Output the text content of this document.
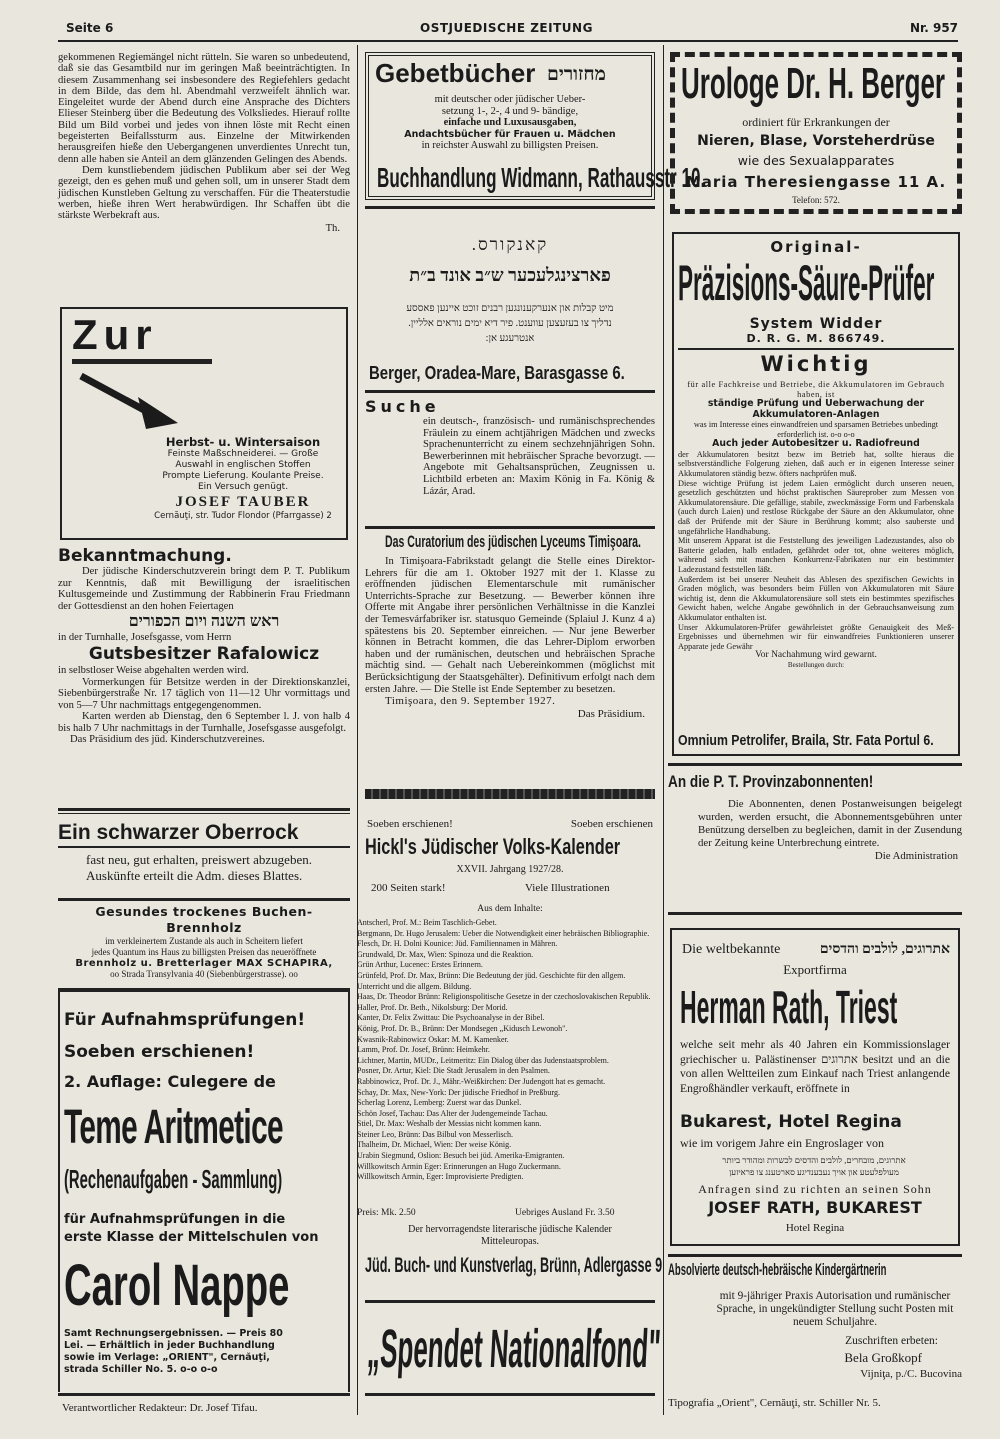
Seite 6	OSTJUEDISCHE ZEITUNG	Nr. 957

gekommenen Regiemängel nicht rütteln. Sie waren so unbedeutend, daß sie das Gesamtbild nur im geringen Maß beeinträchtigten. In diesem Zusammenhang sei insbesondere des Regiefehlers gedacht in dem Bilde, das dem hl. Abendmahl verzweifelt ähnlich war. Eingeleitet wurde der Abend durch eine Ansprache des Dichters Elieser Steinberg über die Bedeutung des Volksliedes. Hierauf rollte Bild um Bild vorbei und jedes von ihnen löste mit Recht einen begeisterten Beifallssturm aus. Einzelne der Mitwirkenden herausgreifen hieße den Uebergangenen unverdientes Unrecht tun, denn alle haben sie Anteil an dem glänzenden Gelingen des Abends.

Dem kunstliebendem jüdischen Publikum aber sei der Weg gezeigt, den es gehen muß und gehen soll, um in unserer Stadt dem jüdischen Kunstleben Geltung zu verschaffen. Für die Theaterstudie werben, hieße ihren Wert herabwürdigen. Ihr Schaffen übt die stärkste Werbekraft aus.

Th.
Zur
Herbst- u. Wintersaison
Feinste Maßschneiderei. — Große
Auswahl in englischen Stoffen
Prompte Lieferung. Koulante Preise.
Ein Versuch genügt.
JOSEF TAUBER
Cernăuţi, str. Tudor Flondor (Pfarrgasse) 2
Bekanntmachung.

Der jüdische Kinderschutzverein bringt dem P. T. Publikum zur Kenntnis, daß mit Bewilligung der israelitischen Kultusgemeinde und Zustimmung der Rabbinerin Frau Friedmann der Gottesdienst an den hohen Feiertagen

ראש השנה ויום הכפורים
in der Turnhalle, Josefsgasse, vom Herrn
Gutsbesitzer Rafalowicz
in selbstloser Weise abgehalten werden wird.

Vormerkungen für Betsitze werden in der Direktionskanzlei, Siebenbürgerstraße Nr. 17 täglich von 11—12 Uhr vormittags und von 5—7 Uhr nachmittags entgegengenommen.

Karten werden ab Dienstag, den 6 September l. J. von halb 4 bis halb 7 Uhr nachmittags in der Turnhalle, Josefsgasse ausgefolgt.

Das Präsidium des jüd. Kinderschutzvereines.
Ein schwarzer Oberrock
fast neu, gut erhalten, preiswert abzugeben.
Auskünfte erteilt die Adm. dieses Blattes.
Gesundes trockenes Buchen-Brennholz
im verkleinertem Zustande als auch in Scheitern liefert
jedes Quantum ins Haus zu billigsten Preisen das neueröffnete
Brennholz u. Bretterlager MAX SCHAPIRA,
oo Strada Transylvania 40 (Siebenbürgerstrasse). oo
Für Aufnahmsprüfungen!
Soeben erschienen!
2. Auflage: Culegere de
Teme Aritmetice
(Rechenaufgaben - Sammlung)
für Aufnahmsprüfungen in die
erste Klasse der Mittelschulen von
Carol Nappe
Samt Rechnungsergebnissen. — Preis 80
Lei. — Erhältlich in jeder Buchhandlung
sowie im Verlage: „ORIENT", Cernăuţi,
strada Schiller No. 5. o-o o-o
Verantwortlicher Redakteur: Dr. Josef Tifau.
Gebetbücher מחזורים
mit deutscher oder jüdischer Ueber-
setzung 1-, 2-, 4 und 9- bändige,
einfache und Luxusausgaben,
Andachtsbücher für Frauen u. Mädchen
in reichster Auswahl zu billigsten Preisen.
Buchhandlung Widmann, Rathausstr 10.
קאנקורס.
פארצינגלעכער ש״ב אונד ב״ת
מיט קבלות און אנערקענונגען רבנים זוכט איינען פאססע
נדליך צו בעזעצען עווענט. פיר דיא ימים נוראים אלליין.
אנטרעגע אן:
Berger, Oradea-Mare, Barasgasse 6.
Suche

ein deutsch-, französisch- und rumänischsprechendes Fräulein zu einem achtjährigen Mädchen und zwecks Sprachenunterricht zu einem sechzehnjährigen Sohn. Bewerberinnen mit hebräischer Sprache bevorzugt. — Angebote mit Gehaltsansprüchen, Zeugnissen u. Lichtbild erbeten an: Maxim König in Fa. König & Lázár, Arad.

Das Curatorium des jüdischen Lyceums Timişoara.

In Timişoara-Fabrikstadt gelangt die Stelle eines Direktor-Lehrers für die am 1. Oktober 1927 mit der 1. Klasse zu eröffnenden jüdischen Elementarschule mit rumänischer Unterrichts-Sprache zur Besetzung. — Bewerber können ihre Offerte mit Angabe ihrer persönlichen Verhältnisse in die Kanzlei der Temesvárfabriker isr. statusquo Gemeinde (Splaiul J. Kunz 4 a) spätestens bis 20. September einreichen. — Nur jene Bewerber können in Betracht kommen, die das Lehrer-Diplom erworben haben und der rumänischen, deutschen und hebräischen Sprache mächtig sind. — Gehalt nach Uebereinkommen (möglichst mit Berücksichtigung der Staatsgehälter). Definitivum erfolgt nach dem ersten Jahre. — Die Stelle ist Ende September zu besetzen.

Timişoara, den 9. September 1927.
Das Präsidium.
Soeben erschienen!	Soeben erschienen
Hickl's Jüdischer Volks-Kalender
XXVII. Jahrgang 1927/28.
200 Seiten stark!	Viele Illustrationen
Aus dem Inhalte:
Antscherl, Prof. M.: Beim Taschlich-Gebet.
Bergmann, Dr. Hugo Jerusalem: Ueber die Notwendigkeit einer hebräischen Bibliographie.
Flesch, Dr. H. Dolni Kounice: Jüd. Familiennamen in Mähren.
Grundwald, Dr. Max, Wien: Spinoza und die Reaktion.
Grün Arthur, Lucenec: Erstes Erinnern.
Grünfeld, Prof. Dr. Max, Brünn: Die Bedeutung der jüd. Geschichte für den allgem. Unterricht und die allgem. Bildung.
Haas, Dr. Theodor Brünn: Religionspolitische Gesetze in der czechoslovakischen Republik.
Haller, Prof. Dr. Beth., Nikolsburg: Der Morid.
Kanter, Dr. Felix Zwittau: Die Psychoanalyse in der Bibel.
König, Prof. Dr. B., Brünn: Der Mondsegen „Kidusch Lewonoh".
Kwasnik-Rabinowicz Oskar: M. M. Kamenker.
Lamm, Prof. Dr. Josef, Brünn: Heimkehr.
Lichtner, Martin, MUDr., Leitmeritz: Ein Dialog über das Judenstaatsproblem.
Posner, Dr. Artur, Kiel: Die Stadt Jerusalem in den Psalmen.
Rabbinowicz, Prof. Dr. J., Mähr.-Weißkirchen: Der Judengott hat es gemacht.
Schay, Dr. Max, New-York: Der jüdische Friedhof in Preßburg.
Scherlag Lorenz, Lemberg: Zuerst war das Dunkel.
Schön Josef, Tachau: Das Alter der Judengemeinde Tachau.
Stiel, Dr. Max: Weshalb der Messias nicht kommen kann.
Steiner Leo, Brünn: Das Bilbul von Messerlisch.
Thalheim, Dr. Michael, Wien: Der weise König.
Urabin Siegmund, Oslion: Besuch bei jüd. Amerika-Emigranten.
Willkowitsch Armin Eger: Erinnerungen an Hugo Zuckermann.
Willkowitsch Armin, Eger: Improvisierte Predigten.
Preis: Mk. 2.50	Uebriges Ausland Fr. 3.50
Der hervorragendste literarische jüdische Kalender
Mitteleuropas.
Jüd. Buch- und Kunstverlag, Brünn, Adlergasse 9
„Spendet Nationalfond"
Urologe Dr. H. Berger
ordiniert für Erkrankungen der
Nieren, Blase, Vorsteherdrüse
wie des Sexualapparates
Maria Theresiengasse 11 A.
Telefon: 572.
Original-
Präzisions-Säure-Prüfer
System Widder
D. R. G. M. 866749.
Wichtig
für alle Fachkreise und Betriebe, die Akkumulatoren im Gebrauch haben, ist
ständige Prüfung und Ueberwachung der Akkumulatoren-Anlagen
was im Interesse eines einwandfreien und sparsamen Betriebes unbedingt erforderlich ist. o-o o-o
Auch jeder Autobesitzer u. Radiofreund
der Akkumulatoren besitzt bezw im Betrieb hat, sollte hieraus die selbstverständliche Folgerung ziehen, daß auch er in eigenen Interesse seiner Akkumulatoren ständig bezw. öfters nachprüfen muß.
Diese wichtige Prüfung ist jedem Laien ermöglicht durch unseren neuen, gesetzlich geschützten und höchst praktischen Säureprober zum Messen von Akkumulatorensäure. Die gefällige, stabile, zweckmässige Form und Farbenskala (auch durch Laien) und restlose Rückgabe der Säure an den Akkumulator, ohne daß der Prüfende mit der Säure in Berührung kommt; also sauberste und ungefährliche Handhabung.
Mit unserem Apparat ist die Feststellung des jeweiligen Ladezustandes, also ob Batterie geladen, halb entladen, gefährdet oder tot, ohne weiteres möglich, während sich mit manchen Konkurrenz-Fabrikaten nur ein bestimmter Ladezustand feststellen läßt.
Außerdem ist bei unserer Neuheit das Ablesen des spezifischen Gewichts in Graden möglich, was besonders beim Füllen von Akkumulatoren mit Säure wichtig ist, denn die Akkumulatorensäure soll stets ein bestimmtes spezifisches Gewicht haben, welche Angabe gewöhnlich in der Gebrauchsanweisung zum Akkumulator enthalten ist.
Unser Akkumulatoren-Prüfer gewährleistet größte Genauigkeit des Meß-Ergebnisses und übernehmen wir für einwandfreies Funktionieren unserer Apparate jede Gewähr
Vor Nachahmung wird gewarnt.
Bestellungen durch:
Omnium Petrolifer, Braila, Str. Fata Portul 6.
An die P. T. Provinzabonnenten!

Die Abonnenten, denen Postanweisungen beigelegt wurden, werden ersucht, die Abonnementsgebühren unter Benützung derselben zu begleichen, damit in der Zusendung der Zeitung keine Unterbrechung eintrete.

Die Administration
Die weltbekannte	אתרוגים, לולבים והדסים
Exportfirma
Herman Rath, Triest

welche seit mehr als 40 Jahren ein Kommissionslager griechischer u. Palästinenser אתרוגים besitzt und an die von allen Weltteilen zum Einkauf nach Triest anlangende Engroßhändler verkauft, eröffnete in

Bukarest, Hotel Regina
wie im vorigem Jahre ein Engroslager von
אתרוגים, מובחרים, לולבים והדסים לכשרות ומהודר ביותר
מעולפלעטע און אויך נעבענדיגע סארטענג צו פראיזען
Anfragen sind zu richten an seinen Sohn
JOSEF RATH, BUKAREST
Hotel Regina
Absolvierte deutsch-hebräische Kindergärtnerin

mit 9-jähriger Praxis Autorisation und rumänischer Sprache, in ungekündigter Stellung sucht Posten mit neuem Schuljahre.

Zuschriften erbeten:
Bela Großkopf
Vijniţa, p./C. Bucovina
Tipografia „Orient", Cernăuţi, str. Schiller Nr. 5.
